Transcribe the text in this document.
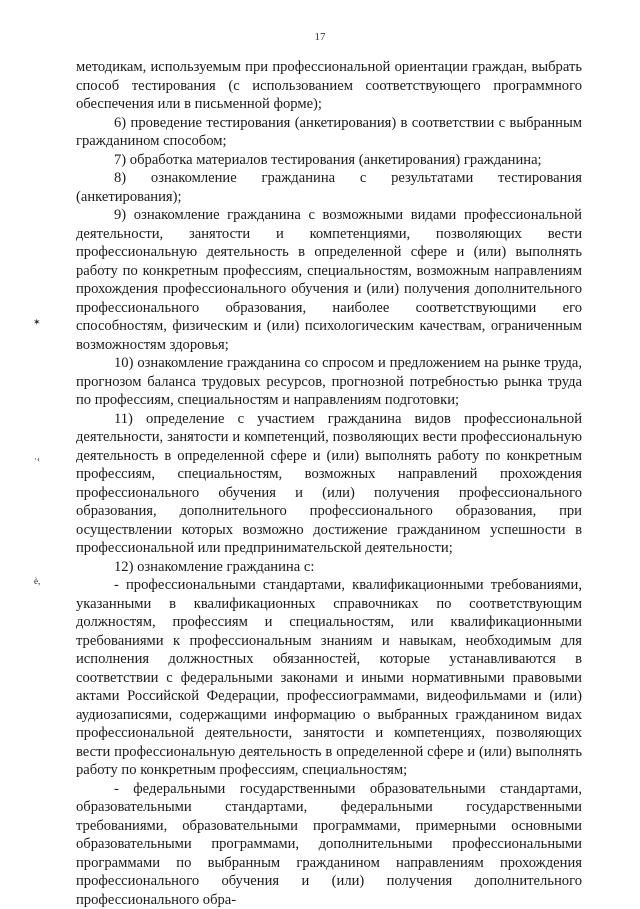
17

методикам, используемым при профессиональной ориентации граждан, выбрать способ тестирования (с использованием соответствующего программного обеспечения или в письменной форме);

6) проведение тестирования (анкетирования) в соответствии с выбранным гражданином способом;

7) обработка материалов тестирования (анкетирования) гражданина;

8) ознакомление гражданина с результатами тестирования (анкетирования);

9) ознакомление гражданина с возможными видами профессиональной деятельности, занятости и компетенциями, позволяющих вести профессиональную деятельность в определенной сфере и (или) выполнять работу по конкретным профессиям, специальностям, возможным направлениям прохождения профессионального обучения и (или) получения дополнительного профессионального образования, наиболее соответствующими его способностям, физическим и (или) психологическим качествам, ограниченным возможностям здоровья;

10) ознакомление гражданина со спросом и предложением на рынке труда, прогнозом баланса трудовых ресурсов, прогнозной потребностью рынка труда по профессиям, специальностям и направлениям подготовки;

11) определение с участием гражданина видов профессиональной деятельности, занятости и компетенций, позволяющих вести профессиональную деятельность в определенной сфере и (или) выполнять работу по конкретным профессиям, специальностям, возможных направлений прохождения профессионального обучения и (или) получения профессионального образования, дополнительного профессионального образования, при осуществлении которых возможно достижение гражданином успешности в профессиональной или предпринимательской деятельности;

12) ознакомление гражданина с:

- профессиональными стандартами, квалификационными требованиями, указанными в квалификационных справочниках по соответствующим должностям, профессиям и специальностям, или квалификационными требованиями к профессиональным знаниям и навыкам, необходимым для исполнения должностных обязанностей, которые устанавливаются в соответствии с федеральными законами и иными нормативными правовыми актами Российской Федерации, профессиограммами, видеофильмами и (или) аудиозаписями, содержащими информацию о выбранных гражданином видах профессиональной деятельности, занятости и компетенциях, позволяющих вести профессиональную деятельность в определенной сфере и (или) выполнять работу по конкретным профессиям, специальностям;

- федеральными государственными образовательными стандартами, образовательными стандартами, федеральными государственными требованиями, образовательными программами, примерными основными образовательными программами, дополнительными профессиональными программами по выбранным гражданином направлениям прохождения профессионального обучения и (или) получения дополнительного профессионального обра-

✶
·‹
è,
